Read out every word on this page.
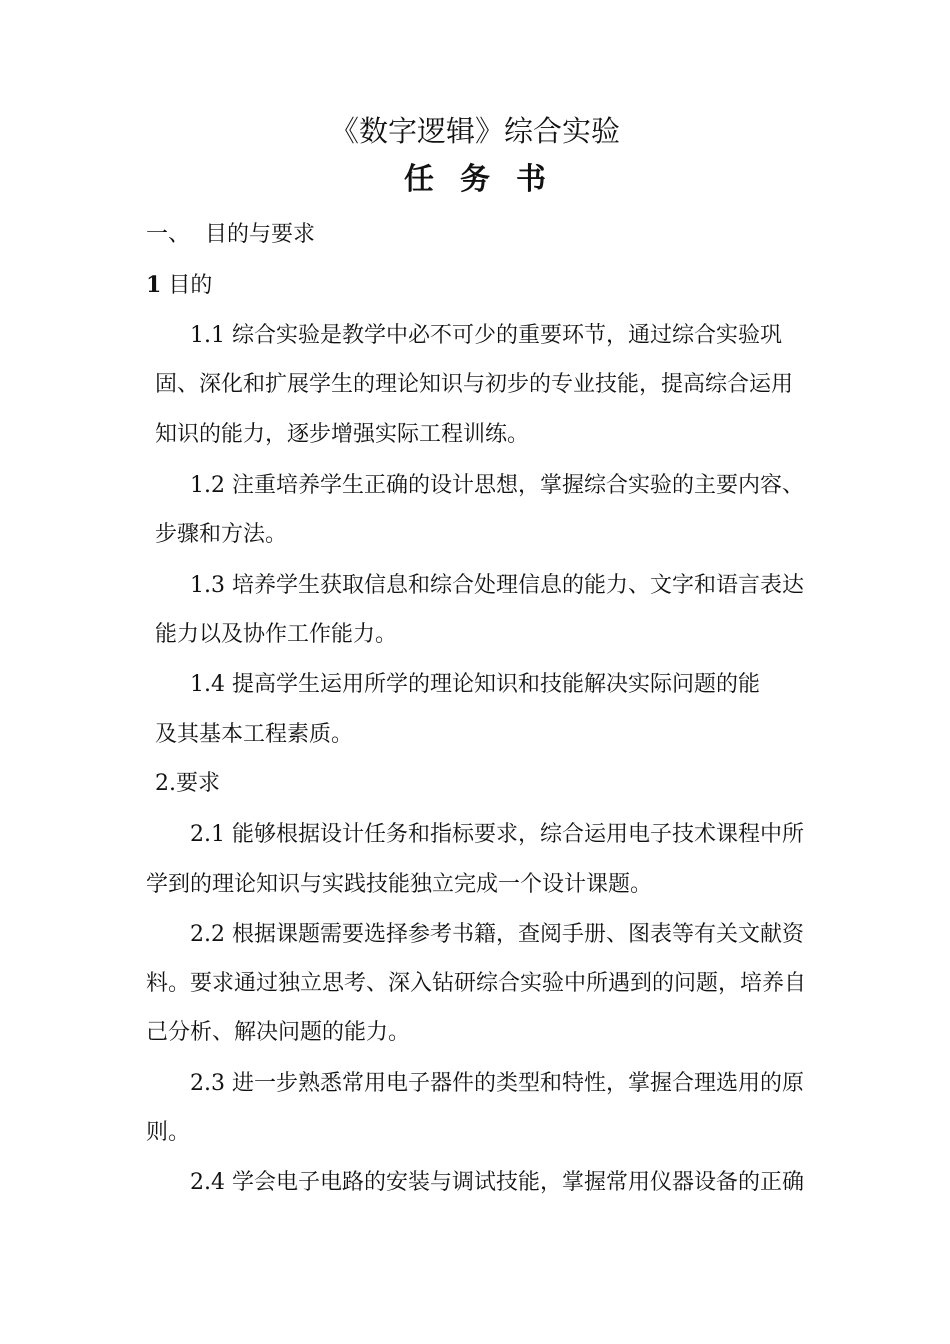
《数字逻辑》综合实验
任务书
一、 目的与要求
1 目的
1.1 综合实验是教学中必不可少的重要环节，通过综合实验巩
固、深化和扩展学生的理论知识与初步的专业技能，提高综合运用
知识的能力，逐步增强实际工程训练。
1.2 注重培养学生正确的设计思想，掌握综合实验的主要内容、
步骤和方法。
1.3 培养学生获取信息和综合处理信息的能力、文字和语言表达
能力以及协作工作能力。
1.4 提高学生运用所学的理论知识和技能解决实际问题的能
及其基本工程素质。
2.要求
2.1 能够根据设计任务和指标要求，综合运用电子技术课程中所
学到的理论知识与实践技能独立完成一个设计课题。
2.2 根据课题需要选择参考书籍，查阅手册、图表等有关文献资
料。要求通过独立思考、深入钻研综合实验中所遇到的问题，培养自
己分析、解决问题的能力。
2.3 进一步熟悉常用电子器件的类型和特性，掌握合理选用的原
则。
2.4 学会电子电路的安装与调试技能，掌握常用仪器设备的正确
